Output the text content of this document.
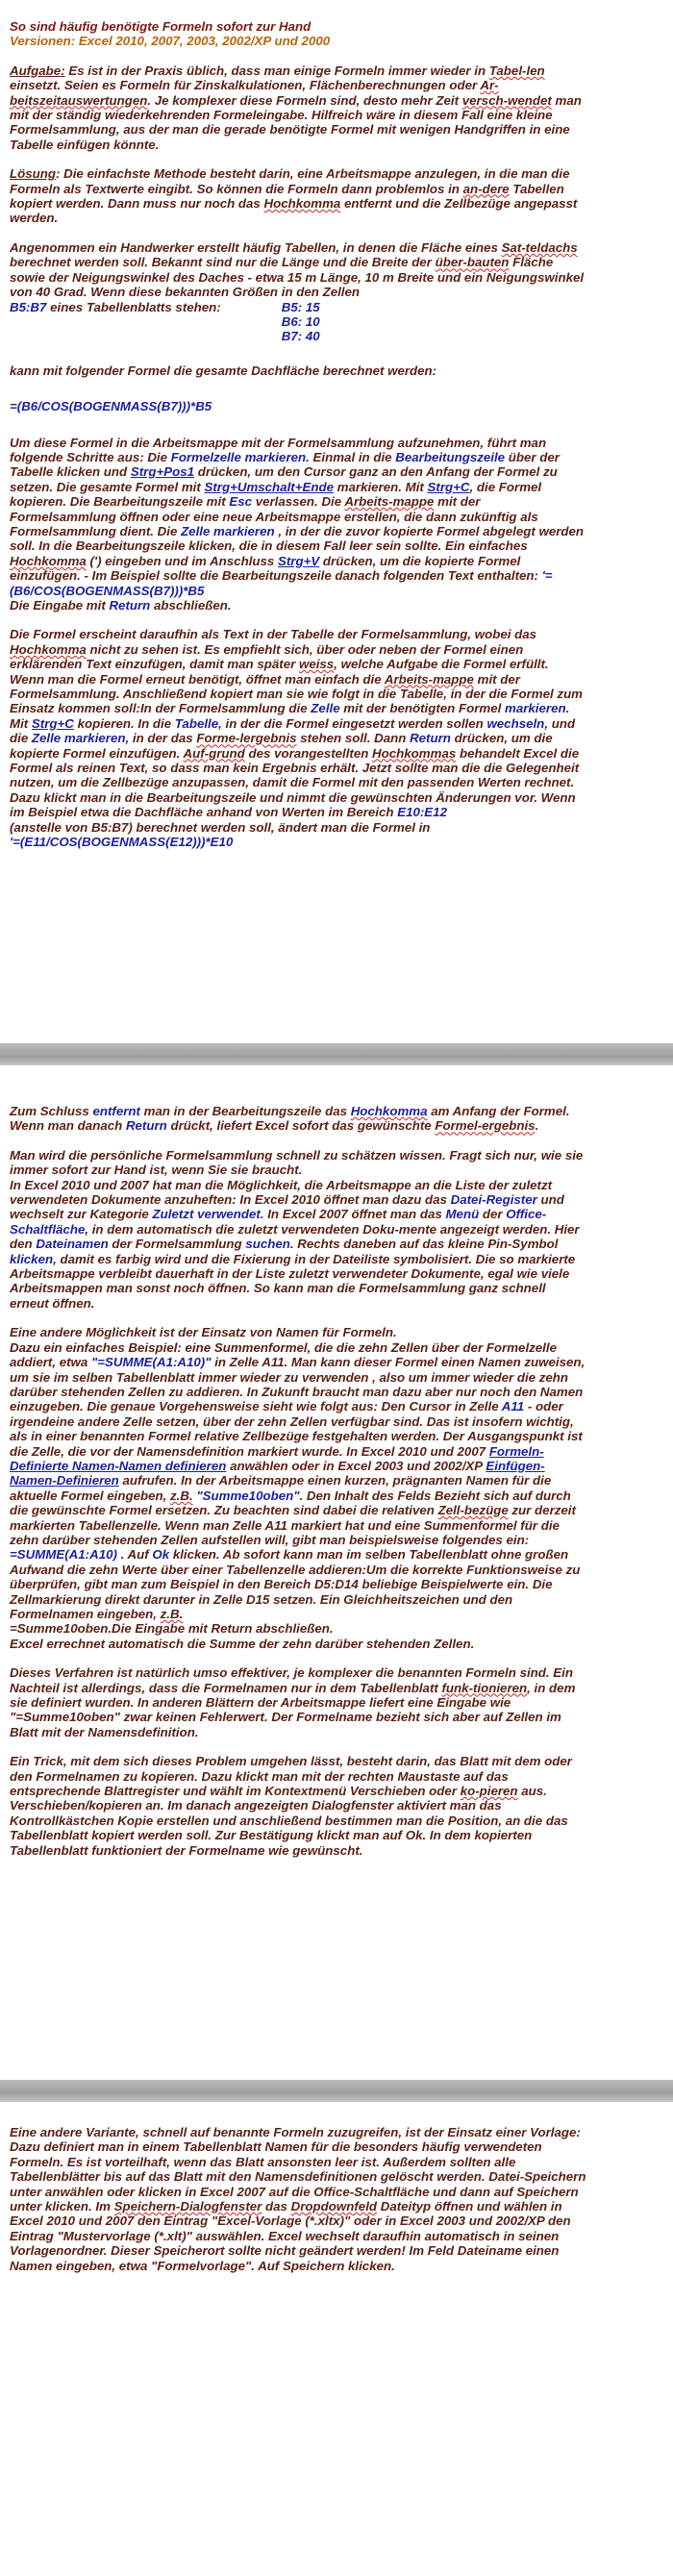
So sind häufig benötigte Formeln sofort zur Hand
Versionen: Excel 2010, 2007, 2003, 2002/XP und 2000

Aufgabe: Es ist in der Praxis üblich, dass man einige Formeln immer wieder in Tabel-len einsetzt. Seien es Formeln für Zinskalkulationen, Flächenberechnungen oder Ar-beitszeitauswertungen. Je komplexer diese Formeln sind, desto mehr Zeit versch-wendet man mit der ständig wiederkehrenden Formeleingabe. Hilfreich wäre in diesem Fall eine kleine Formelsammlung, aus der man die gerade benötigte Formel mit wenigen Handgriffen in eine Tabelle einfügen könnte.

Lösung: Die einfachste Methode besteht darin, eine Arbeitsmappe anzulegen, in die man die Formeln als Textwerte eingibt. So können die Formeln dann problemlos in an-dere Tabellen kopiert werden. Dann muss nur noch das Hochkomma entfernt und die Zellbezüge angepasst werden.

Angenommen ein Handwerker erstellt häufig Tabellen, in denen die Fläche eines Sat-teldachs berechnet werden soll. Bekannt sind nur die Länge und die Breite der über-bauten Fläche sowie der Neigungswinkel des Daches - etwa 15 m Länge, 10 m Breite und ein Neigungswinkel von 40 Grad. Wenn diese bekannten Größen in den Zellen
B5:B7 eines Tabellenblatts stehen:	B5: 15
B6: 10
B7: 40

kann mit folgender Formel die gesamte Dachfläche berechnet werden:

=(B6/COS(BOGENMASS(B7)))*B5

Um diese Formel in die Arbeitsmappe mit der Formelsammlung aufzunehmen, führt man folgende Schritte aus: Die Formelzelle markieren. Einmal in die Bearbeitungszeile über der Tabelle klicken und Strg+Pos1 drücken, um den Cursor ganz an den Anfang der Formel zu setzen. Die gesamte Formel mit Strg+Umschalt+Ende markieren. Mit Strg+C, die Formel kopieren. Die Bearbeitungszeile mit Esc verlassen. Die Arbeits-mappe mit der Formelsammlung öffnen oder eine neue Arbeitsmappe erstellen, die dann zukünftig als Formelsammlung dient. Die Zelle markieren , in der die zuvor kopierte Formel abgelegt werden soll. In die Bearbeitungszeile klicken, die in diesem Fall leer sein sollte. Ein einfaches Hochkomma (') eingeben und im Anschluss Strg+V drücken, um die kopierte Formel einzufügen. - Im Beispiel sollte die Bearbeitungszeile danach folgenden Text enthalten: '=(B6/COS(BOGENMASS(B7)))*B5
Die Eingabe mit Return abschließen.

Die Formel erscheint daraufhin als Text in der Tabelle der Formelsammlung, wobei das Hochkomma nicht zu sehen ist. Es empfiehlt sich, über oder neben der Formel einen erklärenden Text einzufügen, damit man später weiss, welche Aufgabe die Formel erfüllt. Wenn man die Formel erneut benötigt, öffnet man einfach die Arbeits-mappe mit der Formelsammlung. Anschließend kopiert man sie wie folgt in die Tabelle, in der die Formel zum Einsatz kommen soll:In der Formelsammlung die Zelle mit der benötigten Formel markieren. Mit Strg+C kopieren. In die Tabelle, in der die Formel eingesetzt werden sollen wechseln, und die Zelle markieren, in der das Forme-lergebnis stehen soll. Dann Return drücken, um die kopierte Formel einzufügen. Auf-grund des vorangestellten Hochkommas behandelt Excel die Formel als reinen Text, so dass man kein Ergebnis erhält. Jetzt sollte man die die Gelegenheit nutzen, um die Zellbezüge anzupassen, damit die Formel mit den passenden Werten rechnet. Dazu klickt man in die Bearbeitungszeile und nimmt die gewünschten Änderungen vor. Wenn im Beispiel etwa die Dachfläche anhand von Werten im Bereich E10:E12
(anstelle von B5:B7) berechnet werden soll, ändert man die Formel in
'=(E11/COS(BOGENMASS(E12)))*E10

Zum Schluss entfernt man in der Bearbeitungszeile das Hochkomma am Anfang der Formel. Wenn man danach Return drückt, liefert Excel sofort das gewünschte Formel-ergebnis.

Man wird die persönliche Formelsammlung schnell zu schätzen wissen. Fragt sich nur, wie sie immer sofort zur Hand ist, wenn Sie sie braucht.
In Excel 2010 und 2007 hat man die Möglichkeit, die Arbeitsmappe an die Liste der zuletzt verwendeten Dokumente anzuheften: In Excel 2010 öffnet man dazu das Datei-Register und wechselt zur Kategorie Zuletzt verwendet. In Excel 2007 öffnet man das Menü der Office-Schaltfläche, in dem automatisch die zuletzt verwendeten Doku-mente angezeigt werden. Hier den Dateinamen der Formelsammlung suchen. Rechts daneben auf das kleine Pin-Symbol klicken, damit es farbig wird und die Fixierung in der Dateiliste symbolisiert. Die so markierte Arbeitsmappe verbleibt dauerhaft in der Liste zuletzt verwendeter Dokumente, egal wie viele Arbeitsmappen man sonst noch öffnen. So kann man die Formelsammlung ganz schnell erneut öffnen.

Eine andere Möglichkeit ist der Einsatz von Namen für Formeln.
Dazu ein einfaches Beispiel: eine Summenformel, die die zehn Zellen über der Formelzelle addiert, etwa "=SUMME(A1:A10)" in Zelle A11. Man kann dieser Formel einen Namen zuweisen, um sie im selben Tabellenblatt immer wieder zu verwenden , also um immer wieder die zehn darüber stehenden Zellen zu addieren. In Zukunft braucht man dazu aber nur noch den Namen einzugeben. Die genaue Vorgehensweise sieht wie folgt aus: Den Cursor in Zelle A11 - oder irgendeine andere Zelle setzen, über der zehn Zellen verfügbar sind. Das ist insofern wichtig, als in einer benannten Formel relative Zellbezüge festgehalten werden. Der Ausgangspunkt ist die Zelle, die vor der Namensdefinition markiert wurde. In Excel 2010 und 2007 Formeln-Definierte Namen-Namen definieren anwählen oder in Excel 2003 und 2002/XP Einfügen-Namen-Definieren aufrufen. In der Arbeitsmappe einen kurzen, prägnanten Namen für die aktuelle Formel eingeben, z.B. "Summe10oben". Den Inhalt des Felds Bezieht sich auf durch die gewünschte Formel ersetzen. Zu beachten sind dabei die relativen Zell-bezüge zur derzeit markierten Tabellenzelle. Wenn man Zelle A11 markiert hat und eine Summenformel für die zehn darüber stehenden Zellen aufstellen will, gibt man beispielsweise folgendes ein: =SUMME(A1:A10) . Auf Ok klicken. Ab sofort kann man im selben Tabellenblatt ohne großen Aufwand die zehn Werte über einer Tabellenzelle addieren:Um die korrekte Funktionsweise zu überprüfen, gibt man zum Beispiel in den Bereich D5:D14 beliebige Beispielwerte ein. Die Zellmarkierung direkt darunter in Zelle D15 setzen. Ein Gleichheitszeichen und den Formelnamen eingeben, z.B.
=Summe10oben.Die Eingabe mit Return abschließen.
Excel errechnet automatisch die Summe der zehn darüber stehenden Zellen.

Dieses Verfahren ist natürlich umso effektiver, je komplexer die benannten Formeln sind. Ein Nachteil ist allerdings, dass die Formelnamen nur in dem Tabellenblatt funk-tionieren, in dem sie definiert wurden. In anderen Blättern der Arbeitsmappe liefert eine Eingabe wie "=Summe10oben" zwar keinen Fehlerwert. Der Formelname bezieht sich aber auf Zellen im Blatt mit der Namensdefinition.

Ein Trick, mit dem sich dieses Problem umgehen lässt, besteht darin, das Blatt mit dem oder den Formelnamen zu kopieren. Dazu klickt man mit der rechten Maustaste auf das entsprechende Blattregister und wählt im Kontextmenü Verschieben oder ko-pieren aus. Verschieben/kopieren an. Im danach angezeigten Dialogfenster aktiviert man das Kontrollkästchen Kopie erstellen und anschließend bestimmen man die Position, an die das Tabellenblatt kopiert werden soll. Zur Bestätigung klickt man auf Ok. In dem kopierten Tabellenblatt funktioniert der Formelname wie gewünscht.

Eine andere Variante, schnell auf benannte Formeln zuzugreifen, ist der Einsatz einer Vorlage: Dazu definiert man in einem Tabellenblatt Namen für die besonders häufig verwendeten Formeln. Es ist vorteilhaft, wenn das Blatt ansonsten leer ist. Außerdem sollten alle Tabellenblätter bis auf das Blatt mit den Namensdefinitionen gelöscht werden. Datei-Speichern unter anwählen oder klicken in Excel 2007 auf die Office-Schaltfläche und dann auf Speichern unter klicken. Im Speichern-Dialogfenster das Dropdownfeld Dateityp öffnen und wählen in Excel 2010 und 2007 den Eintrag "Excel-Vorlage (*.xltx)" oder in Excel 2003 und 2002/XP den Eintrag "Mustervorlage (*.xlt)" auswählen. Excel wechselt daraufhin automatisch in seinen Vorlagenordner. Dieser Speicherort sollte nicht geändert werden! Im Feld Dateiname einen Namen eingeben, etwa "Formelvorlage". Auf Speichern klicken.
